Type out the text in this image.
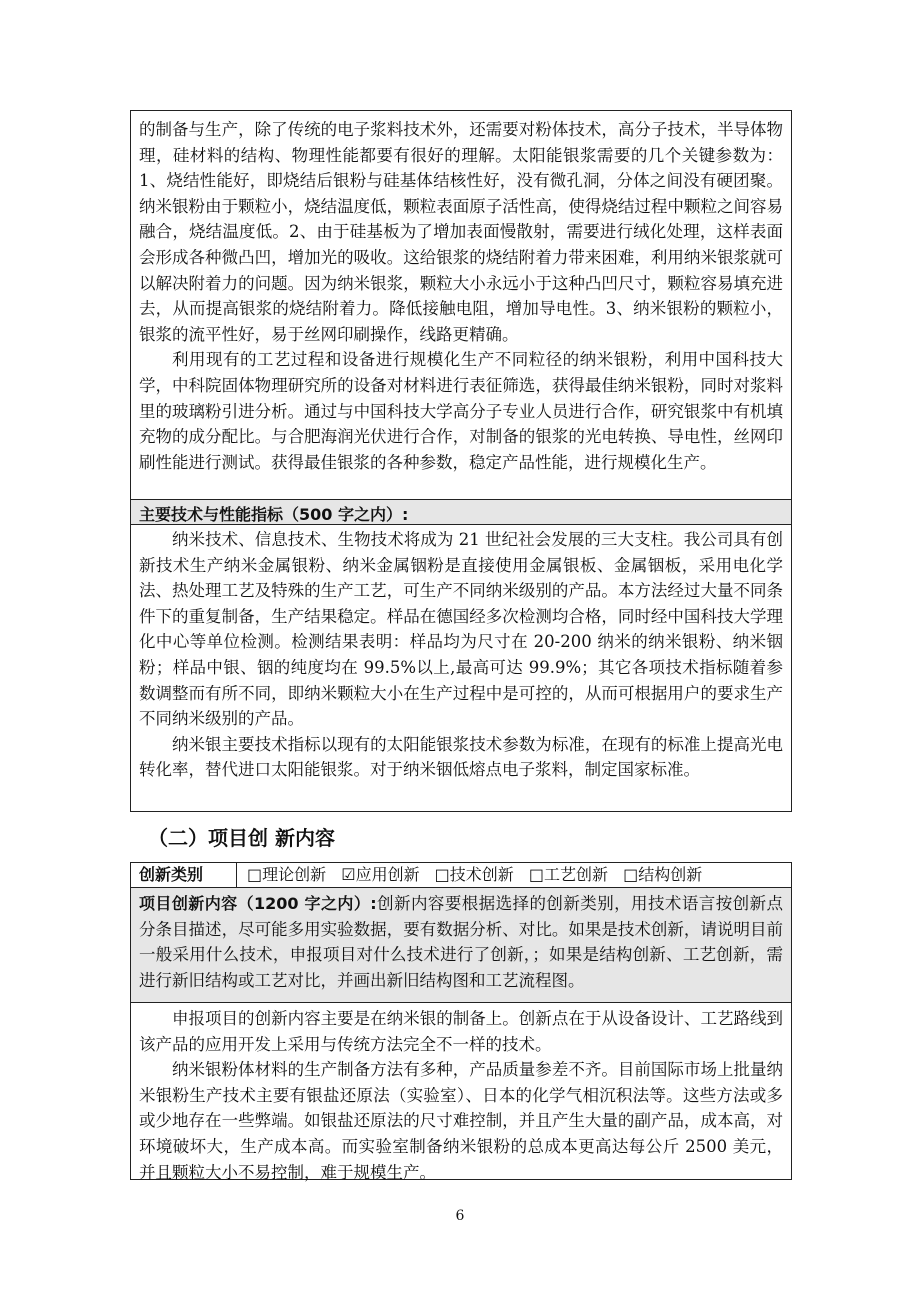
的制备与生产，除了传统的电子浆料技术外，还需要对粉体技术，高分子技术，半导体物理，硅材料的结构、物理性能都要有很好的理解。太阳能银浆需要的几个关键参数为：1、烧结性能好，即烧结后银粉与硅基体结核性好，没有微孔洞，分体之间没有硬团聚。纳米银粉由于颗粒小，烧结温度低，颗粒表面原子活性高，使得烧结过程中颗粒之间容易融合，烧结温度低。2、由于硅基板为了增加表面慢散射，需要进行绒化处理，这样表面会形成各种微凸凹，增加光的吸收。这给银浆的烧结附着力带来困难，利用纳米银浆就可以解决附着力的问题。因为纳米银浆，颗粒大小永远小于这种凸凹尺寸，颗粒容易填充进去，从而提高银浆的烧结附着力。降低接触电阻，增加导电性。3、纳米银粉的颗粒小，银浆的流平性好，易于丝网印刷操作，线路更精确。

利用现有的工艺过程和设备进行规模化生产不同粒径的纳米银粉，利用中国科技大学，中科院固体物理研究所的设备对材料进行表征筛选，获得最佳纳米银粉，同时对浆料里的玻璃粉引进分析。通过与中国科技大学高分子专业人员进行合作，研究银浆中有机填充物的成分配比。与合肥海润光伏进行合作，对制备的银浆的光电转换、导电性，丝网印刷性能进行测试。获得最佳银浆的各种参数，稳定产品性能，进行规模化生产。

主要技术与性能指标（500 字之内）:

纳米技术、信息技术、生物技术将成为 21 世纪社会发展的三大支柱。我公司具有创新技术生产纳米金属银粉、纳米金属铟粉是直接使用金属银板、金属铟板，采用电化学法、热处理工艺及特殊的生产工艺，可生产不同纳米级别的产品。本方法经过大量不同条件下的重复制备，生产结果稳定。样品在德国经多次检测均合格，同时经中国科技大学理化中心等单位检测。检测结果表明：样品均为尺寸在 20-200 纳米的纳米银粉、纳米铟粉；样品中银、铟的纯度均在 99.5%以上,最高可达 99.9%；其它各项技术指标随着参数调整而有所不同，即纳米颗粒大小在生产过程中是可控的，从而可根据用户的要求生产不同纳米级别的产品。

纳米银主要技术指标以现有的太阳能银浆技术参数为标准，在现有的标准上提高光电转化率，替代进口太阳能银浆。对于纳米铟低熔点电子浆料，制定国家标准。

（二）项目创 新内容
创新类别	□理论创新 ☑应用创新 □技术创新 □工艺创新 □结构创新

项目创新内容（1200 字之内）:创新内容要根据选择的创新类别，用技术语言按创新点分条目描述，尽可能多用实验数据，要有数据分析、对比。如果是技术创新，请说明目前一般采用什么技术，申报项目对什么技术进行了创新，；如果是结构创新、工艺创新，需进行新旧结构或工艺对比，并画出新旧结构图和工艺流程图。

申报项目的创新内容主要是在纳米银的制备上。创新点在于从设备设计、工艺路线到该产品的应用开发上采用与传统方法完全不一样的技术。

纳米银粉体材料的生产制备方法有多种，产品质量参差不齐。目前国际市场上批量纳米银粉生产技术主要有银盐还原法（实验室）、日本的化学气相沉积法等。这些方法或多或少地存在一些弊端。如银盐还原法的尺寸难控制，并且产生大量的副产品，成本高，对环境破坏大，生产成本高。而实验室制备纳米银粉的总成本更高达每公斤 2500 美元，并且颗粒大小不易控制，难于规模生产。

6
